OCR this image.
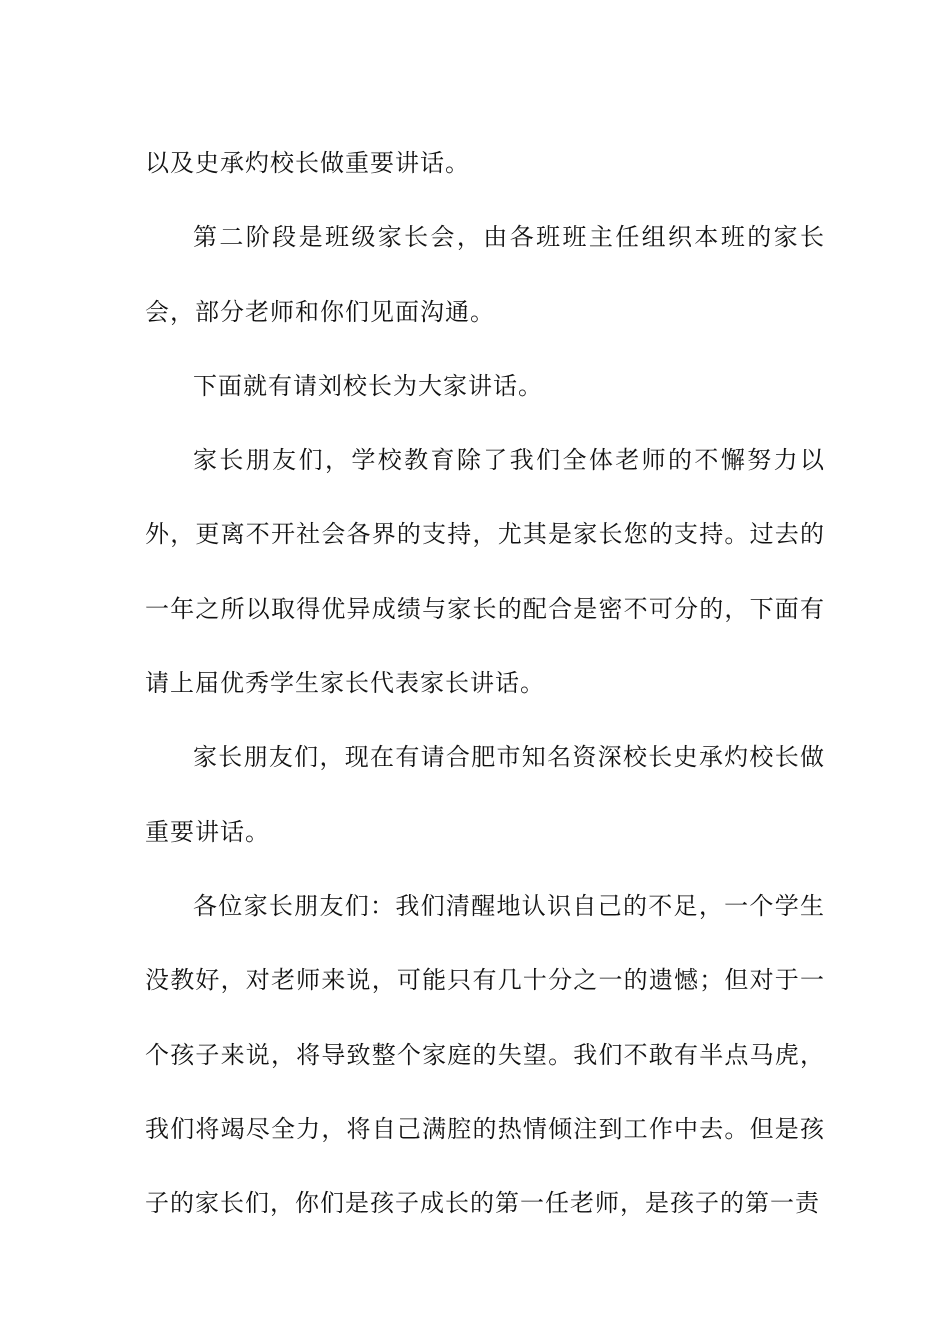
以及史承灼校长做重要讲话。

第二阶段是班级家长会，由各班班主任组织本班的家长会，部分老师和你们见面沟通。

下面就有请刘校长为大家讲话。

家长朋友们，学校教育除了我们全体老师的不懈努力以外，更离不开社会各界的支持，尤其是家长您的支持。过去的一年之所以取得优异成绩与家长的配合是密不可分的，下面有请上届优秀学生家长代表家长讲话。

家长朋友们，现在有请合肥市知名资深校长史承灼校长做重要讲话。

各位家长朋友们：我们清醒地认识自己的不足，一个学生没教好，对老师来说，可能只有几十分之一的遗憾；但对于一个孩子来说，将导致整个家庭的失望。我们不敢有半点马虎，我们将竭尽全力，将自己满腔的热情倾注到工作中去。但是孩子的家长们，你们是孩子成长的第一任老师，是孩子的第一责
